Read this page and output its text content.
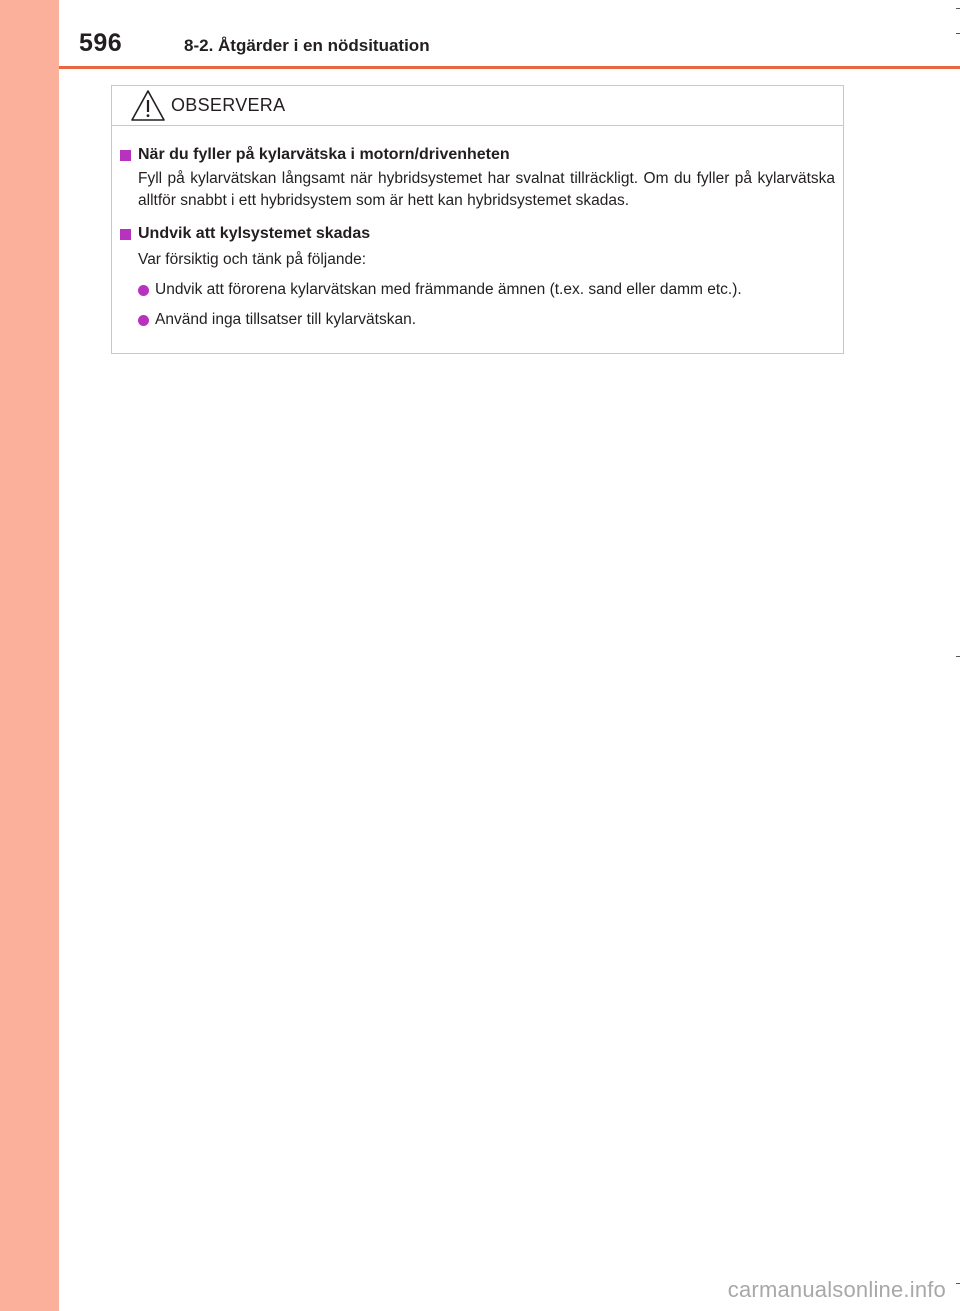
596	8-2. Åtgärder i en nödsituation
OBSERVERA
När du fyller på kylarvätska i motorn/drivenheten
Fyll på kylarvätskan långsamt när hybridsystemet har svalnat tillräckligt. Om du fyller på kylarvätska alltför snabbt i ett hybridsystem som är hett kan hybridsystemet skadas.
Undvik att kylsystemet skadas
Var försiktig och tänk på följande:
Undvik att förorena kylarvätskan med främmande ämnen (t.ex. sand eller damm etc.).
Använd inga tillsatser till kylarvätskan.
carmanualsonline.info
